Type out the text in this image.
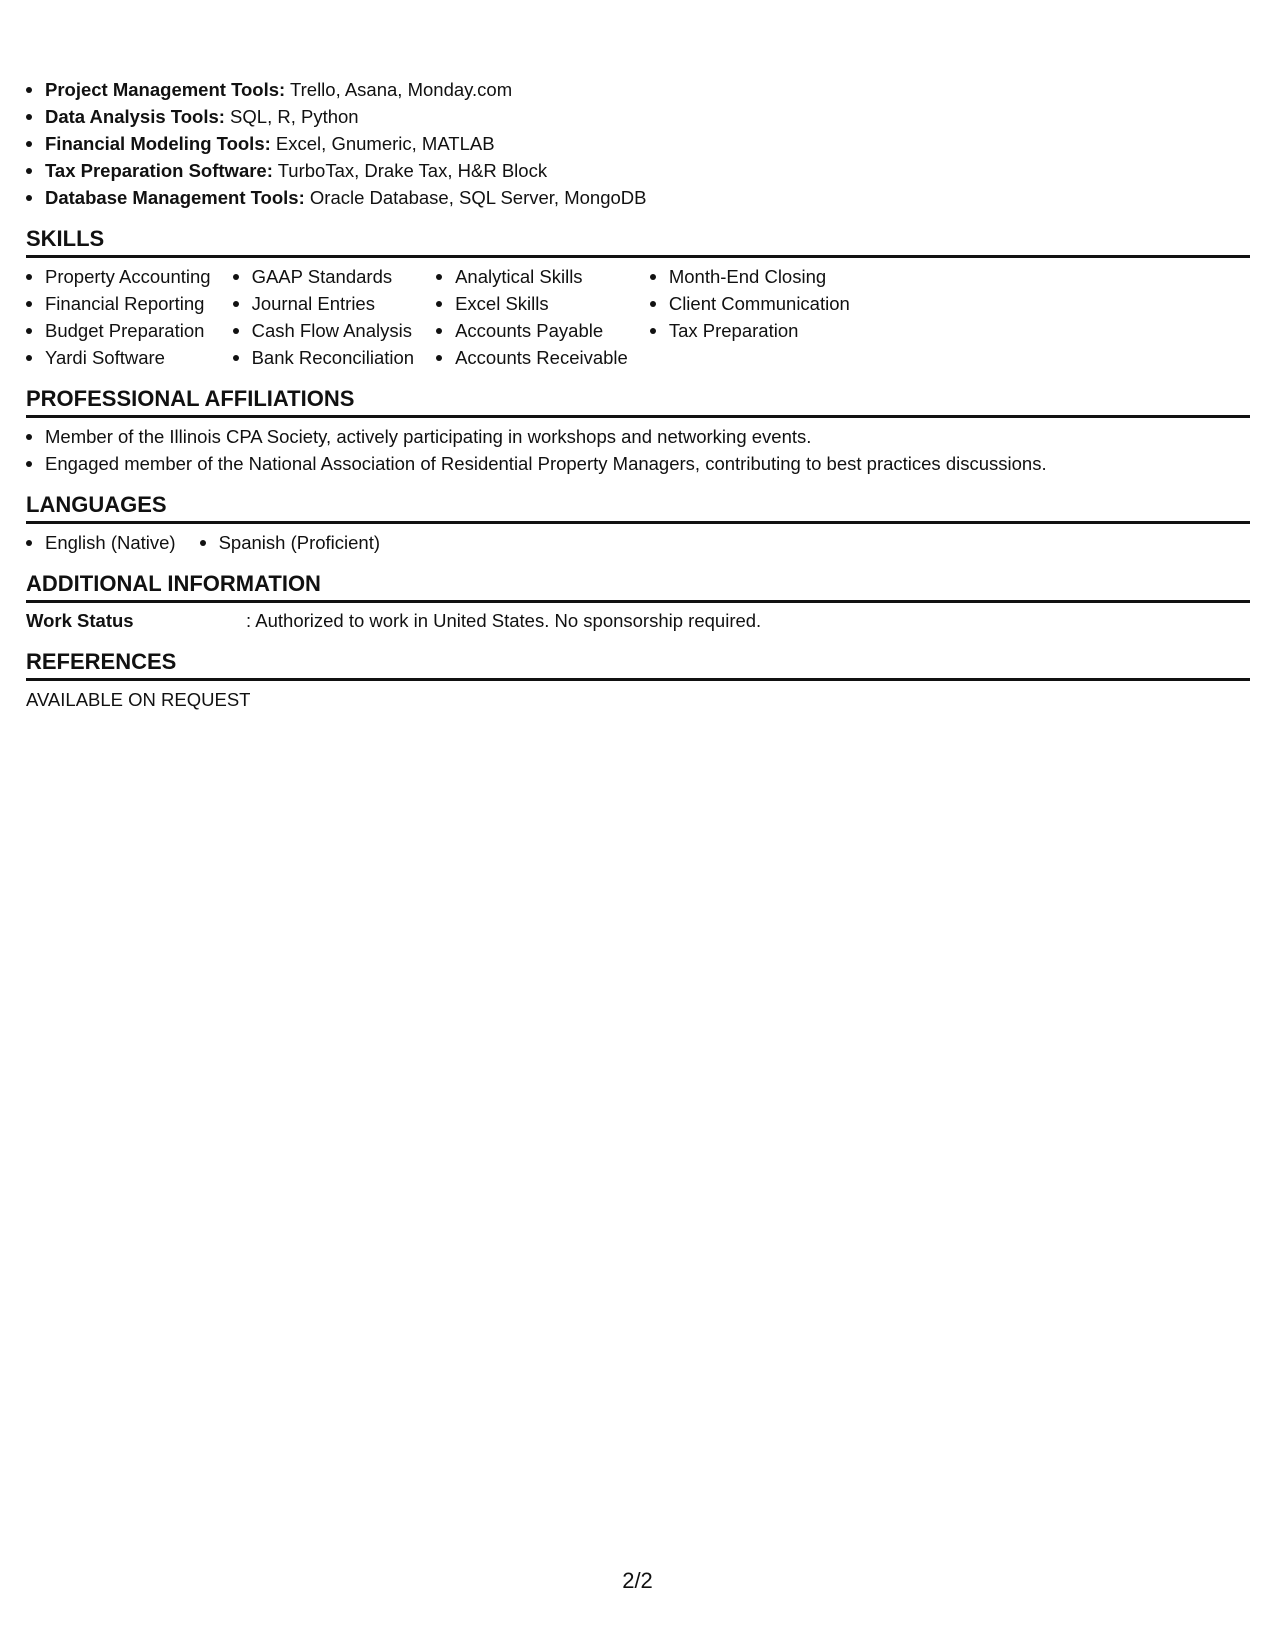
Project Management Tools: Trello, Asana, Monday.com
Data Analysis Tools: SQL, R, Python
Financial Modeling Tools: Excel, Gnumeric, MATLAB
Tax Preparation Software: TurboTax, Drake Tax, H&R Block
Database Management Tools: Oracle Database, SQL Server, MongoDB
SKILLS
Property Accounting
Financial Reporting
Budget Preparation
Yardi Software
GAAP Standards
Journal Entries
Cash Flow Analysis
Bank Reconciliation
Analytical Skills
Excel Skills
Accounts Payable
Accounts Receivable
Month-End Closing
Client Communication
Tax Preparation
PROFESSIONAL AFFILIATIONS
Member of the Illinois CPA Society, actively participating in workshops and networking events.
Engaged member of the National Association of Residential Property Managers, contributing to best practices discussions.
LANGUAGES
English (Native)	Spanish (Proficient)
ADDITIONAL INFORMATION
Work Status	: Authorized to work in United States. No sponsorship required.
REFERENCES
AVAILABLE ON REQUEST
2/2
